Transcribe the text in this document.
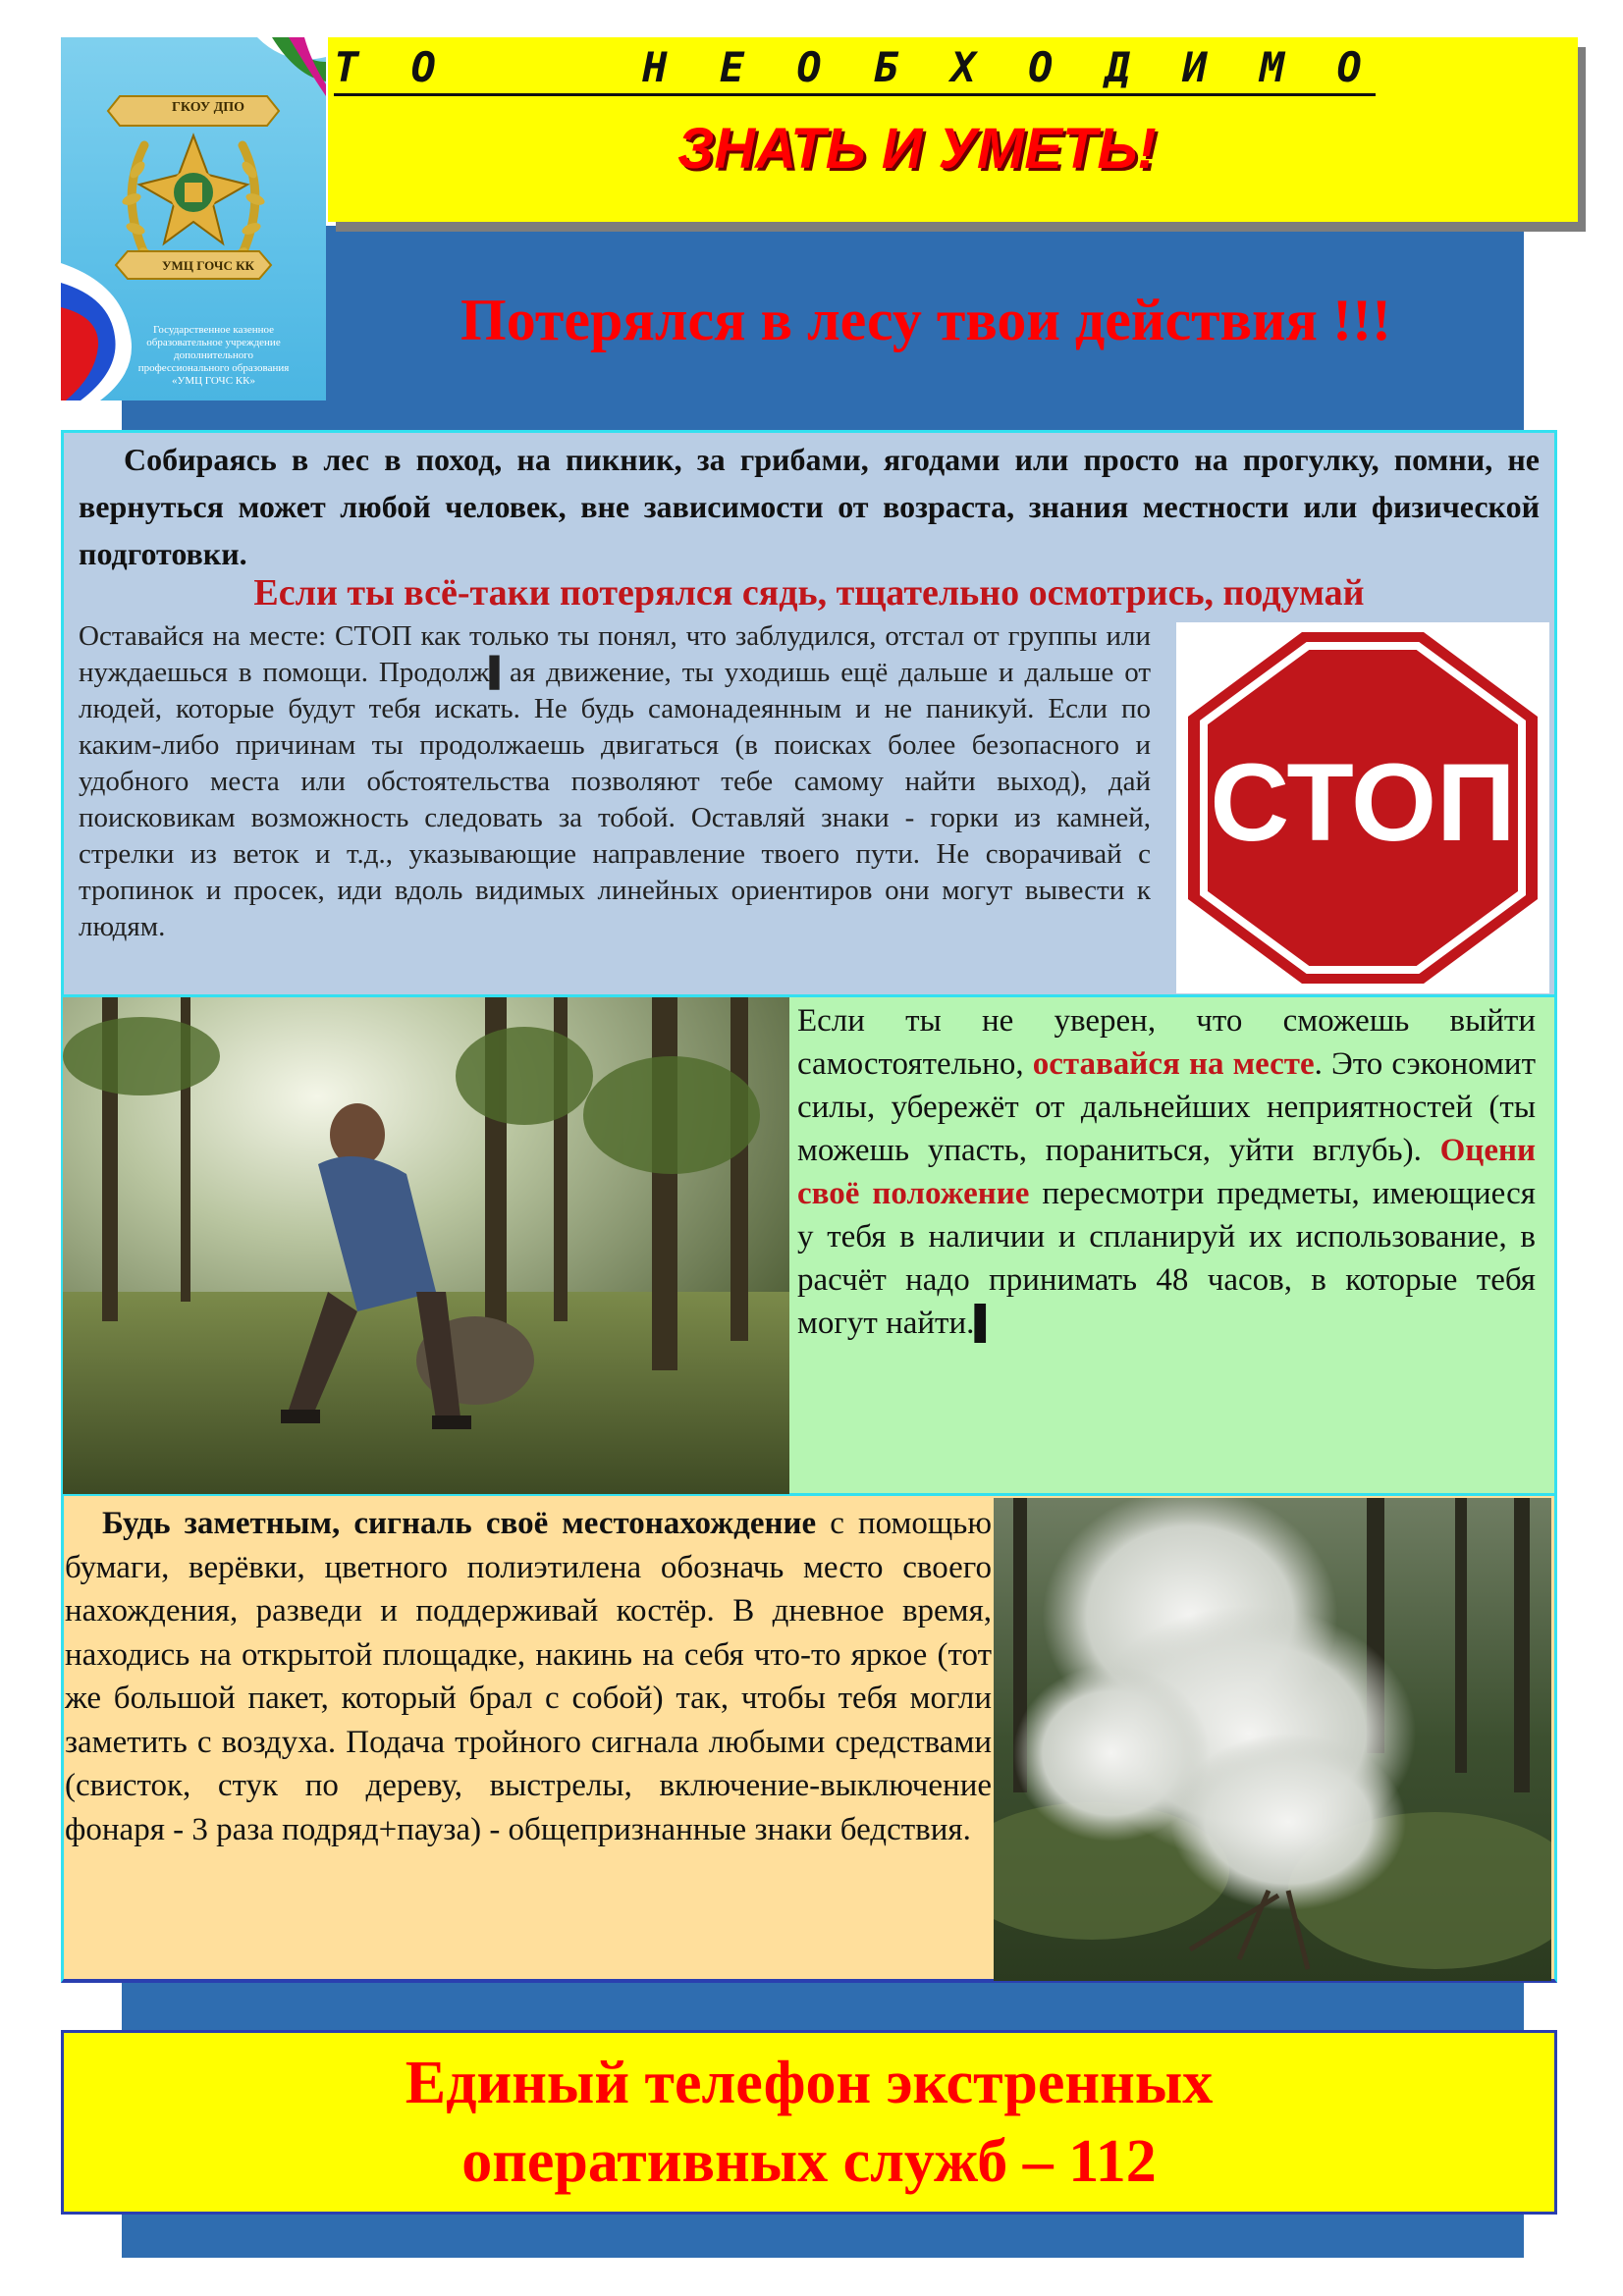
ГКОУ ДПО
УМЦ ГОЧС КК
Государственное казенное
образовательное учреждение
дополнительного
профессионального образования
«УМЦ ГОЧС КК»
Т О     Н Е О Б Х О Д И М О
ЗНАТЬ И УМЕТЬ!
Потерялся в лесу твои действия !!!
Собираясь в лес в поход, на пикник, за грибами, ягодами или просто на прогулку, помни, не вернуться может любой человек, вне зависимости от возраста, знания местности или физической подготовки.
Если ты всё-таки потерялся сядь, тщательно осмотрись, подумай
Оставайся на месте: СТОП как только ты понял, что заблудился, отстал от группы или нуждаешься в помощи. Продолж▌ая движение, ты уходишь ещё дальше и дальше от людей, которые будут тебя искать. Не будь самонадеянным и не паникуй. Если по каким-либо причинам ты продолжаешь двигаться (в поисках более безопасного и удобного места или обстоятельства позволяют тебе самому найти выход), дай поисковикам возможность следовать за тобой. Оставляй знаки - горки из камней, стрелки из веток и т.д., указывающие направление твоего пути. Не сворачивай с тропинок и просек, иди вдоль видимых линейных ориентиров они могут вывести к людям.
СТОП
Если ты не уверен, что сможешь выйти самостоятельно, оставайся на месте. Это сэкономит силы, убережёт от дальнейших неприятностей (ты можешь упасть, пораниться, уйти вглубь). Оцени своё положение пересмотри предметы, имеющиеся у тебя в наличии и спланируй их использование, в расчёт надо принимать 48 часов, в которые тебя могут найти.▌
Будь заметным, сигналь своё местонахождение с помощью бумаги, верёвки, цветного полиэтилена обозначь место своего нахождения, разведи и поддерживай костёр. В дневное время, находись на открытой площадке, накинь на себя что-то яркое (тот же большой пакет, который брал с собой) так, чтобы тебя могли заметить с воздуха. Подача тройного сигнала любыми средствами (свисток, стук по дереву, выстрелы, включение-выключение фонаря - 3 раза подряд+пауза) - общепризнанные знаки бедствия.
Единый телефон экстренных
оперативных служб – 112
